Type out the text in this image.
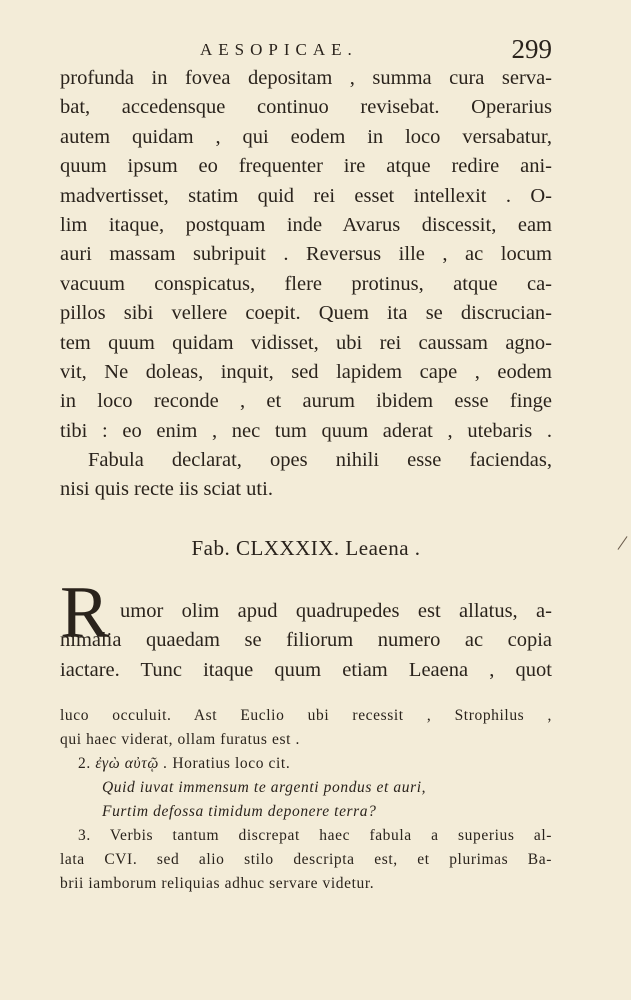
AESOPICAE.	299
profunda in fovea depositam , summa cura serva-
bat, accedensque continuo revisebat. Operarius
autem quidam , qui eodem in loco versabatur,
quum ipsum eo frequenter ire atque redire ani-
madvertisset, statim quid rei esset intellexit . O-
lim itaque, postquam inde Avarus discessit, eam
auri massam subripuit . Reversus ille , ac locum
vacuum conspicatus, flere protinus, atque ca-
pillos sibi vellere coepit. Quem ita se discrucian-
tem quum quidam vidisset, ubi rei caussam agno-
vit, Ne doleas, inquit, sed lapidem cape , eodem
in loco reconde , et aurum ibidem esse finge
tibi : eo enim , nec tum quum aderat , utebaris .
Fabula declarat, opes nihili esse faciendas,
nisi quis recte iis sciat uti.
Fab. CLXXXIX. Leaena .
R umor olim apud quadrupedes est allatus, a-
nimalia quaedam se filiorum numero ac copia
iactare. Tunc itaque quum etiam Leaena , quot
luco occuluit. Ast Euclio ubi recessit , Strophilus ,
qui haec viderat, ollam furatus est .
2. ἐγὼ αὐτῷ . Horatius loco cit.
Quid iuvat immensum te argenti pondus et auri,
Furtim defossa timidum deponere terra?
3. Verbis tantum discrepat haec fabula a superius al-
lata CVI. sed alio stilo descripta est, et plurimas Ba-
brii iamborum reliquias adhuc servare videtur.
